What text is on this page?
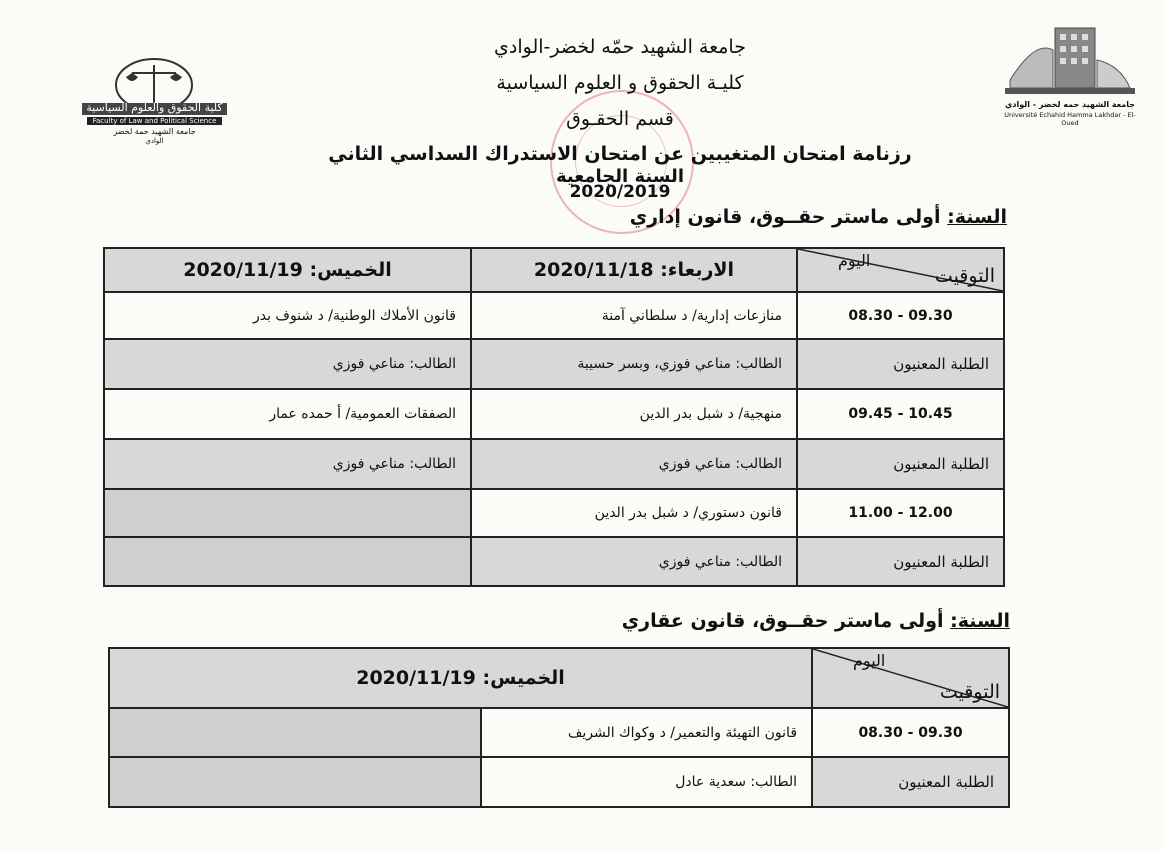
كلية الحقوق والعلوم السياسية
Faculty of Law and Political Science
جامعة الشهيد حمة لخضر
الوادي
جامعة الشهيد حمه لخضر - الوادي
Université Echahid Hamma Lakhdar - El-Oued
جامعة الشهيد حمّه لخضر-الوادي
كليـة الحقوق و العلوم السياسية
قسم الحقـوق
رزنامة امتحان المتغيبين عن امتحان الاستدراك السداسي الثاني
السنة الجامعية
2020/2019
السنة: أولى ماستر حقــوق، قانون إداري
التوقيت
اليوم	الاربعاء: 2020/11/18	الخميس: 2020/11/19
09.30 - 08.30	منازعات إدارية/ د سلطاني آمنة	قانون الأملاك الوطنية/ د شنوف بدر
الطلبة المعنيون	الطالب: مناعي فوزي، وبسر حسيبة	الطالب: مناعي فوزي
10.45 - 09.45	منهجية/ د شبل بدر الدين	الصفقات العمومية/ أ حمده عمار
الطلبة المعنيون	الطالب: مناعي فوزي	الطالب: مناعي فوزي
12.00 - 11.00	قانون دستوري/ د شبل بدر الدين	
الطلبة المعنيون	الطالب: مناعي فوزي	
السنة: أولى ماستر حقــوق، قانون عقاري
التوقيت
اليوم	الخميس: 2020/11/19	
09.30 - 08.30	قانون التهيئة والتعمير/ د وكواك الشريف	
الطلبة المعنيون	الطالب: سعدية عادل	
